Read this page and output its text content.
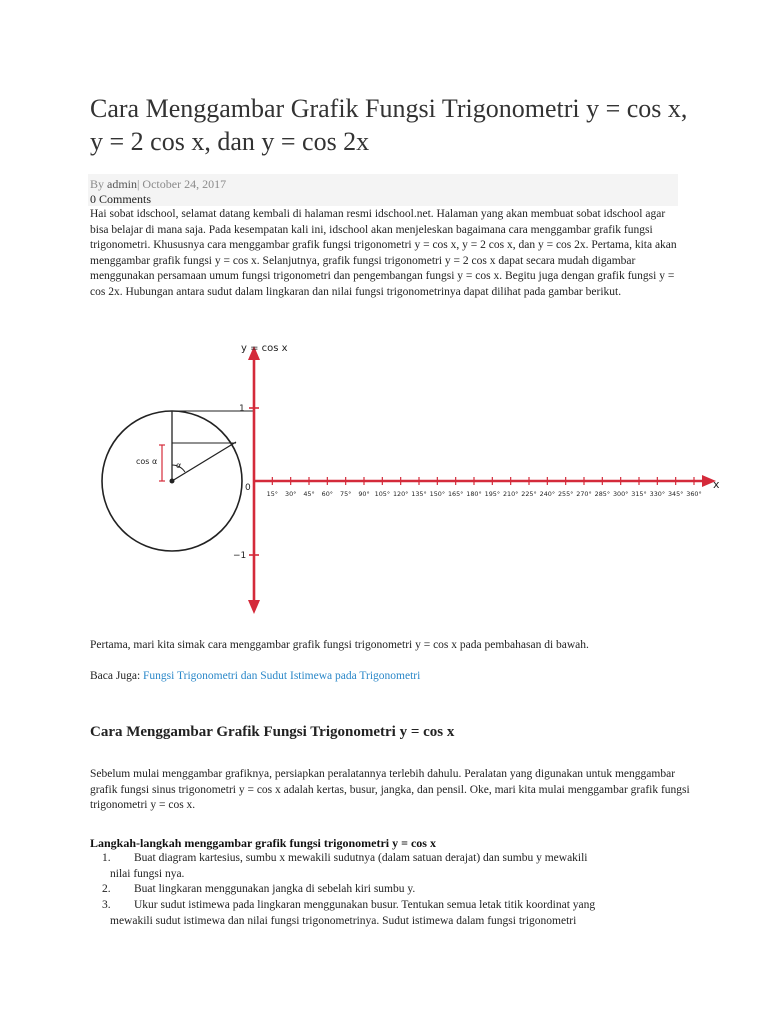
Cara Menggambar Grafik Fungsi Trigonometri y = cos x, y = 2 cos x, dan y = cos 2x
By admin| October 24, 2017
0 Comments

Hai sobat idschool, selamat datang kembali di halaman resmi idschool.net. Halaman yang akan membuat sobat idschool agar bisa belajar di mana saja. Pada kesempatan kali ini, idschool akan menjeleskan bagaimana cara menggambar grafik fungsi trigonometri. Khususnya cara menggambar grafik fungsi trigonometri y = cos x, y = 2 cos x, dan y = cos 2x. Pertama, kita akan menggambar grafik fungsi y = cos x. Selanjutnya, grafik fungsi trigonometri y = 2 cos x dapat secara mudah digambar menggunakan persamaan umum fungsi trigonometri dan pengembangan fungsi y = cos x. Begitu juga dengan grafik fungsi y = cos 2x. Hubungan antara sudut dalam lingkaran dan nilai fungsi trigonometrinya dapat dilihat pada gambar berikut.

α
cos α
1
0
−1
y = cos x
x
15° 30° 45° 60° 75° 90° 105° 120° 135° 150° 165° 180° 195° 210° 225° 240° 255° 270° 285° 300° 315° 330° 345° 360°

Pertama, mari kita simak cara menggambar grafik fungsi trigonometri y = cos x pada pembahasan di bawah.

Baca Juga: Fungsi Trigonometri dan Sudut Istimewa pada Trigonometri

Cara Menggambar Grafik Fungsi Trigonometri y = cos x

Sebelum mulai menggambar grafiknya, persiapkan peralatannya terlebih dahulu. Peralatan yang digunakan untuk menggambar grafik fungsi sinus trigonometri y = cos x adalah kertas, busur, jangka, dan pensil. Oke, mari kita mulai menggambar grafik fungsi trigonometri y = cos x.

Langkah-langkah menggambar grafik fungsi trigonometri y = cos x
1. Buat diagram kartesius, sumbu x mewakili sudutnya (dalam satuan derajat) dan sumbu y mewakili
nilai fungsi nya.
2. Buat lingkaran menggunakan jangka di sebelah kiri sumbu y.
3. Ukur sudut istimewa pada lingkaran menggunakan busur. Tentukan semua letak titik koordinat yang
mewakili sudut istimewa dan nilai fungsi trigonometrinya. Sudut istimewa dalam fungsi trigonometri
